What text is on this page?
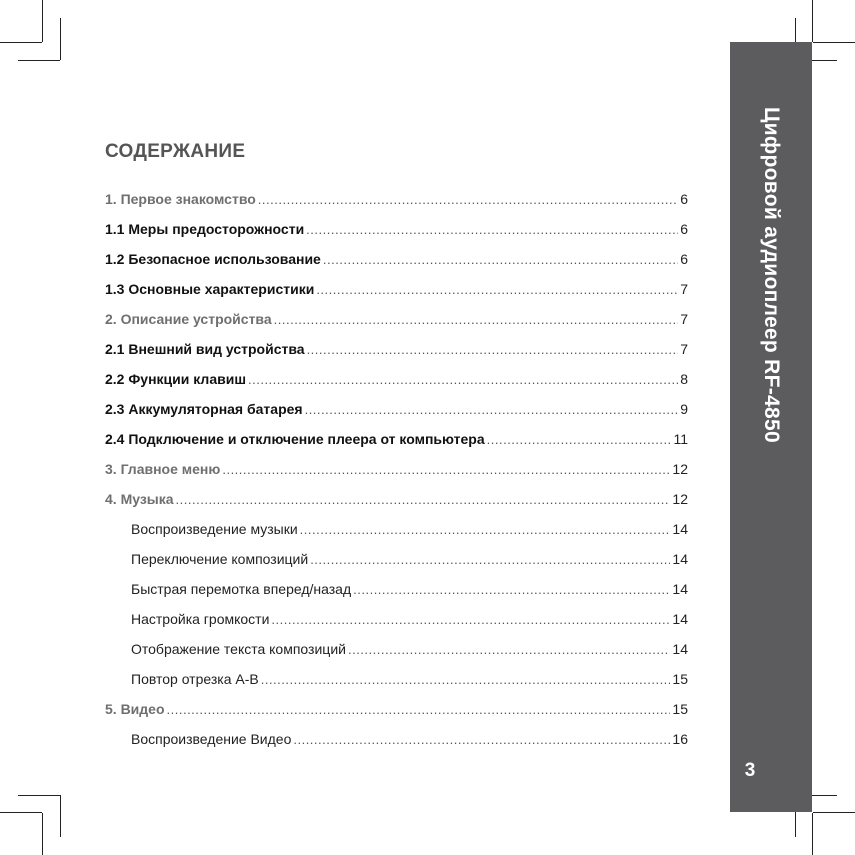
Цифровой аудиоплеер RF-4850
3
СОДЕРЖАНИЕ
1. Первое знакомство .....	6
1.1 Меры предосторожности .....	6
1.2 Безопасное использование .....	6
1.3 Основные характеристики .....	7
2. Описание устройства .....	7
2.1 Внешний вид устройства .....	7
2.2 Функции клавиш .....	8
2.3 Аккумуляторная батарея .....	9
2.4 Подключение и отключение плеера от компьютера .....	11
3. Главное меню .....	12
4. Музыка .....	12
Воспроизведение музыки .....	14
Переключение композиций .....	14
Быстрая перемотка вперед/назад .....	14
Настройка громкости .....	14
Отображение текста композиций .....	14
Повтор отрезка А-В .....	15
5. Видео .....	15
Воспроизведение Видео .....	16
